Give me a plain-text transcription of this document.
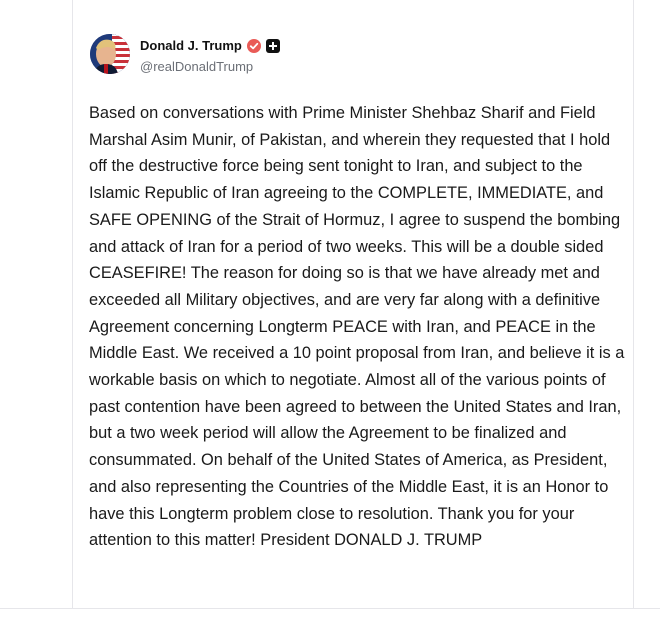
Donald J. Trump
@realDonaldTrump

Based on conversations with Prime Minister Shehbaz Sharif and Field Marshal Asim Munir, of Pakistan, and wherein they requested that I hold off the destructive force being sent tonight to Iran, and subject to the Islamic Republic of Iran agreeing to the COMPLETE, IMMEDIATE, and SAFE OPENING of the Strait of Hormuz, I agree to suspend the bombing and attack of Iran for a period of two weeks. This will be a double sided CEASEFIRE! The reason for doing so is that we have already met and exceeded all Military objectives, and are very far along with a definitive Agreement concerning Longterm PEACE with Iran, and PEACE in the Middle East. We received a 10 point proposal from Iran, and believe it is a workable basis on which to negotiate. Almost all of the various points of past contention have been agreed to between the United States and Iran, but a two week period will allow the Agreement to be finalized and consummated. On behalf of the United States of America, as President, and also representing the Countries of the Middle East, it is an Honor to have this Longterm problem close to resolution. Thank you for your attention to this matter! President DONALD J. TRUMP
